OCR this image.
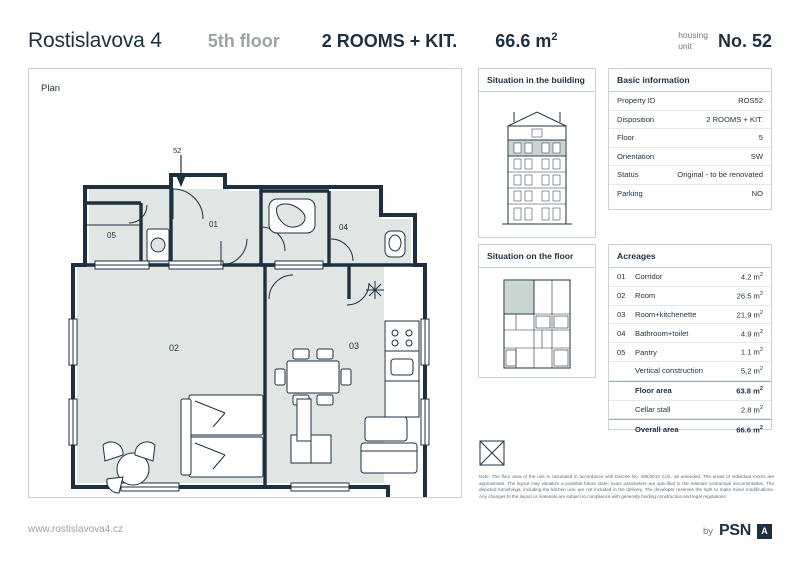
Rostislavova 4	5th floor 2 ROOMS + KIT. 66.6 $m^2$	housing
unit	No. 52
Plan
05
01	04
02	03
52
Situation in the building
Situation on the floor
Basic information
Property ID	ROS52
Disposition	2 ROOMS + KIT.
Floor	5
Orientation	SW
Status	Original - to be renovated
Parking	NO
Acreages
01	Corridor	4.2 $m^2$
02	Room	26.5 $m^2$
03	Room+kitchenette	21.9 $m^2$
04	Bathroom+toilet	4.9 $m^2$
05	Pantry	1.1 $m^2$
Vertical construction	5,2 $m^2$
Floor area	63.8 $m^2$
Cellar stall	2.8 $m^2$
Overall area	66.6 $m^2$
Note: The floor area of the unit is calculated in accordance with Decree No. 366/2013 Coll., as amended. The areas of individual rooms are approximate. The layout may visualize a possible future state; exact parameters are specified in the relevant contractual documentation. The depicted furnishings, including the kitchen unit, are not included in the delivery. The developer reserves the right to make minor modifications. Any changes to the layout or materials are subject to compliance with generally binding construction and legal regulations.
www.rostislavova4.cz	by PSN	A
